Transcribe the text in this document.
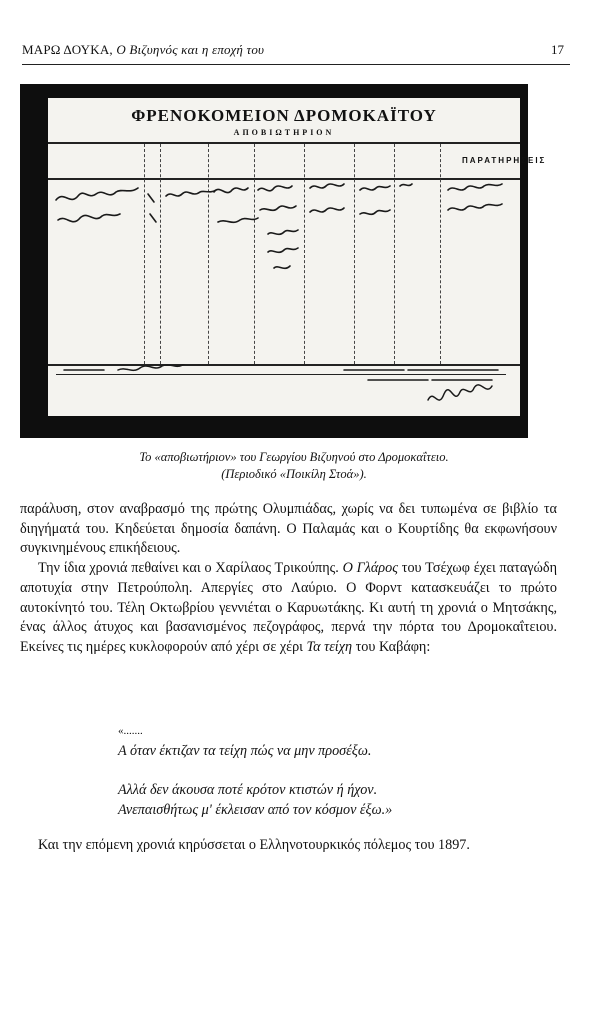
ΜΑΡΩ ΔΟΥΚΑ, Ο Βιζυηνός και η εποχή του	17
ΦΡΕΝΟΚΟΜΕΙΟΝ ΔΡΟΜΟΚΑΪΤΟΥ
ΑΠΟΒΙΩΤΗΡΙΟΝ
ΠΑΡΑΤΗΡΗΣΕΙΣ
Το «αποβιωτήριον» του Γεωργίου Βιζυηνού στο Δρομοκαΐτειο.
(Περιοδικό «Ποικίλη Στοά»).

παράλυση, στον αναβρασμό της πρώτης Ολυμπιάδας, χωρίς να δει τυπωμένα σε βιβλίο τα διηγήματά του. Κηδεύεται δημοσία δαπάνη. Ο Παλαμάς και ο Κουρτίδης θα εκφωνήσουν συγκινημένους επικήδειους.

Την ίδια χρονιά πεθαίνει και ο Χαρίλαος Τρικούπης. Ο Γλάρος του Τσέχωφ έχει παταγώδη αποτυχία στην Πετρούπολη. Απεργίες στο Λαύριο. Ο Φορντ κατασκευάζει το πρώτο αυτοκίνητό του. Τέλη Οκτωβρίου γεννιέται ο Καρυωτάκης. Κι αυτή τη χρονιά ο Μητσάκης, ένας άλλος άτυχος και βασανισμένος πεζογράφος, περνά την πόρτα του Δρομοκαΐτειου. Εκείνες τις ημέρες κυκλοφορούν από χέρι σε χέρι Τα τείχη του Καβάφη:

«.......
Α όταν έκτιζαν τα τείχη πώς να μην προσέξω.
Αλλά δεν άκουσα ποτέ κρότον κτιστών ή ήχον.
Ανεπαισθήτως μ' έκλεισαν από τον κόσμον έξω.»

Και την επόμενη χρονιά κηρύσσεται ο Ελληνοτουρκικός πόλεμος του 1897.
